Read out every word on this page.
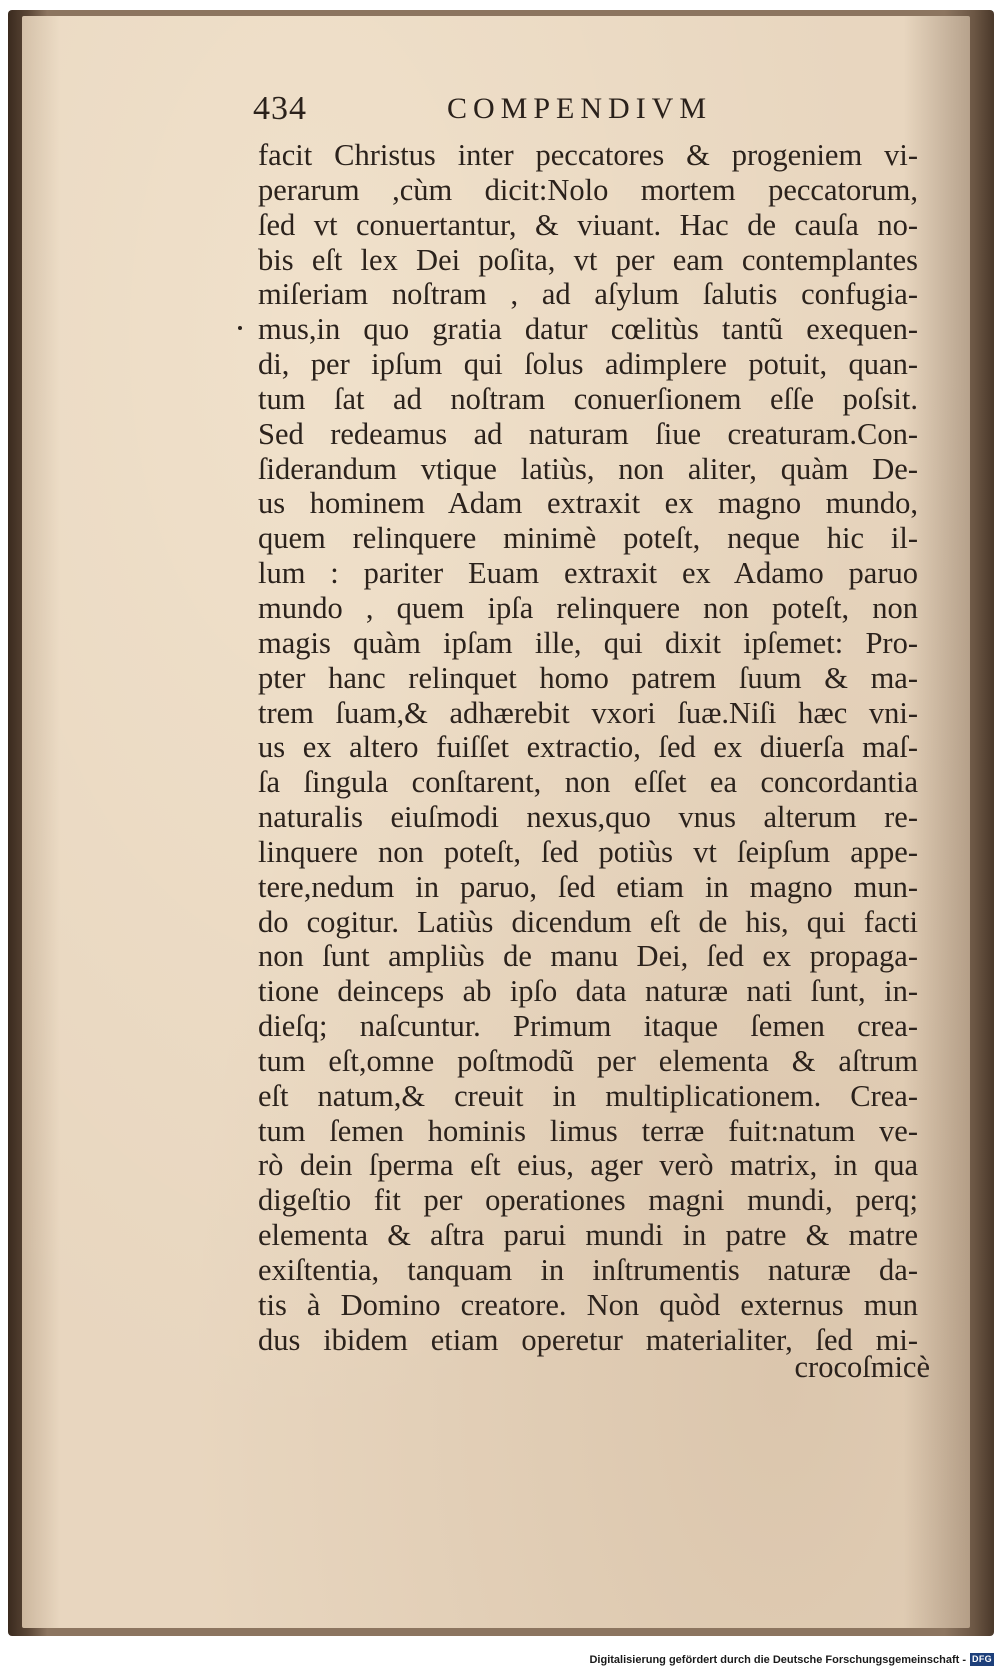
434	COMPENDIVM
facit Christus inter peccatores & progeniem vi-
perarum ,cùm dicit:Nolo mortem peccatorum,
ſed vt conuertantur, & viuant. Hac de cauſa no-
bis eſt lex Dei poſita, vt per eam contemplantes
miſeriam noſtram , ad aſylum ſalutis confugia-
mus,in quo gratia datur cœlitùs tantũ exequen-
di, per ipſum qui ſolus adimplere potuit, quan-
tum ſat ad noſtram conuerſionem eſſe poſsit.
Sed redeamus ad naturam ſiue creaturam.Con-
ſiderandum vtique latiùs, non aliter, quàm De-
us hominem Adam extraxit ex magno mundo,
quem relinquere minimè poteſt, neque hic il-
lum : pariter Euam extraxit ex Adamo paruo
mundo , quem ipſa relinquere non poteſt, non
magis quàm ipſam ille, qui dixit ipſemet: Pro-
pter hanc relinquet homo patrem ſuum & ma-
trem ſuam,& adhærebit vxori ſuæ.Niſi hæc vni-
us ex altero fuiſſet extractio, ſed ex diuerſa maſ-
ſa ſingula conſtarent, non eſſet ea concordantia
naturalis eiuſmodi nexus,quo vnus alterum re-
linquere non poteſt, ſed potiùs vt ſeipſum appe-
tere,nedum in paruo, ſed etiam in magno mun-
do cogitur. Latiùs dicendum eſt de his, qui facti
non ſunt ampliùs de manu Dei, ſed ex propaga-
tione deinceps ab ipſo data naturæ nati ſunt, in-
dieſq; naſcuntur. Primum itaque ſemen crea-
tum eſt,omne poſtmodũ per elementa & aſtrum
eſt natum,& creuit in multiplicationem. Crea-
tum ſemen hominis limus terræ fuit:natum ve-
rò dein ſperma eſt eius, ager verò matrix, in qua
digeſtio fit per operationes magni mundi, perq;
elementa & aſtra parui mundi in patre & matre
exiſtentia, tanquam in inſtrumentis naturæ da-
tis à Domino creatore. Non quòd externus mun
dus ibidem etiam operetur materialiter, ſed mi-
crocoſmicè
Digitalisierung gefördert durch die Deutsche Forschungsgemeinschaft - DFG
